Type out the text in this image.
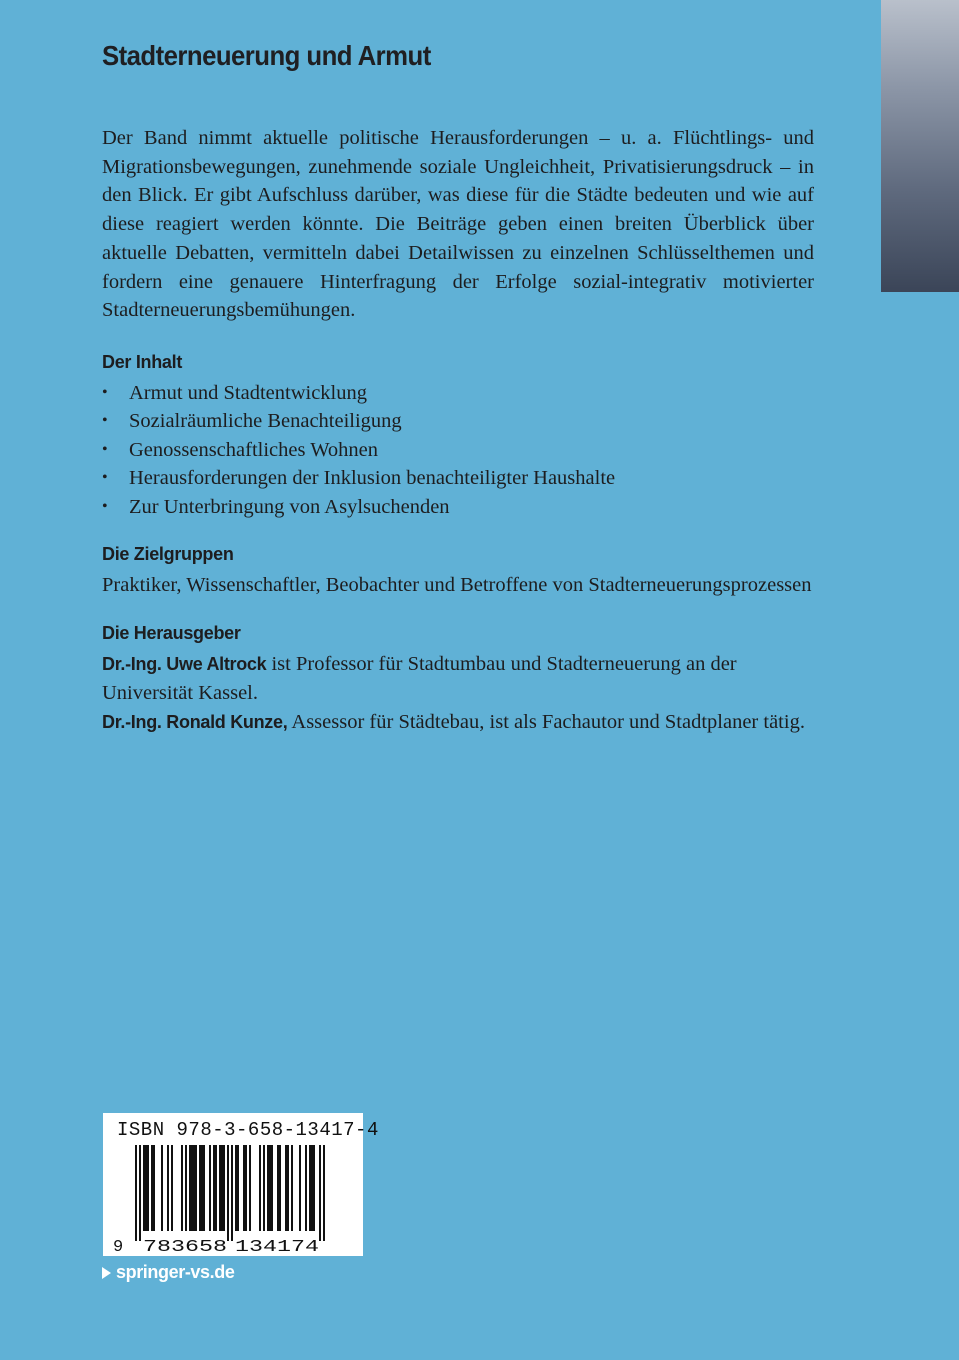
Stadterneuerung und Armut

Der Band nimmt aktuelle politische Herausforderungen – u. a. Flüchtlings- und Migrationsbewegungen, zunehmende soziale Ungleichheit, Privatisierungsdruck – in den Blick. Er gibt Aufschluss darüber, was diese für die Städte bedeuten und wie auf diese reagiert werden könnte. Die Beiträge geben einen breiten Überblick über aktuelle Debatten, vermitteln dabei Detailwissen zu einzelnen Schlüsselthemen und fordern eine genauere Hinterfragung der Erfolge sozial-integrativ motivierter Stadterneuerungsbemühungen.

Der Inhalt
• Armut und Stadtentwicklung
• Sozialräumliche Benachteiligung
• Genossenschaftliches Wohnen
• Herausforderungen der Inklusion benachteiligter Haushalte
• Zur Unterbringung von Asylsuchenden
Die Zielgruppen

Praktiker, Wissenschaftler, Beobachter und Betroffene von Stadterneuerungsprozessen

Die Herausgeber

Dr.-Ing. Uwe Altrock ist Professor für Stadtumbau und Stadterneuerung an der Universität Kassel.
Dr.-Ing. Ronald Kunze, Assessor für Städtebau, ist als Fachautor und Stadtplaner tätig.

9 783658 134174
ISBN 978-3-658-13417-4
springer-vs.de
